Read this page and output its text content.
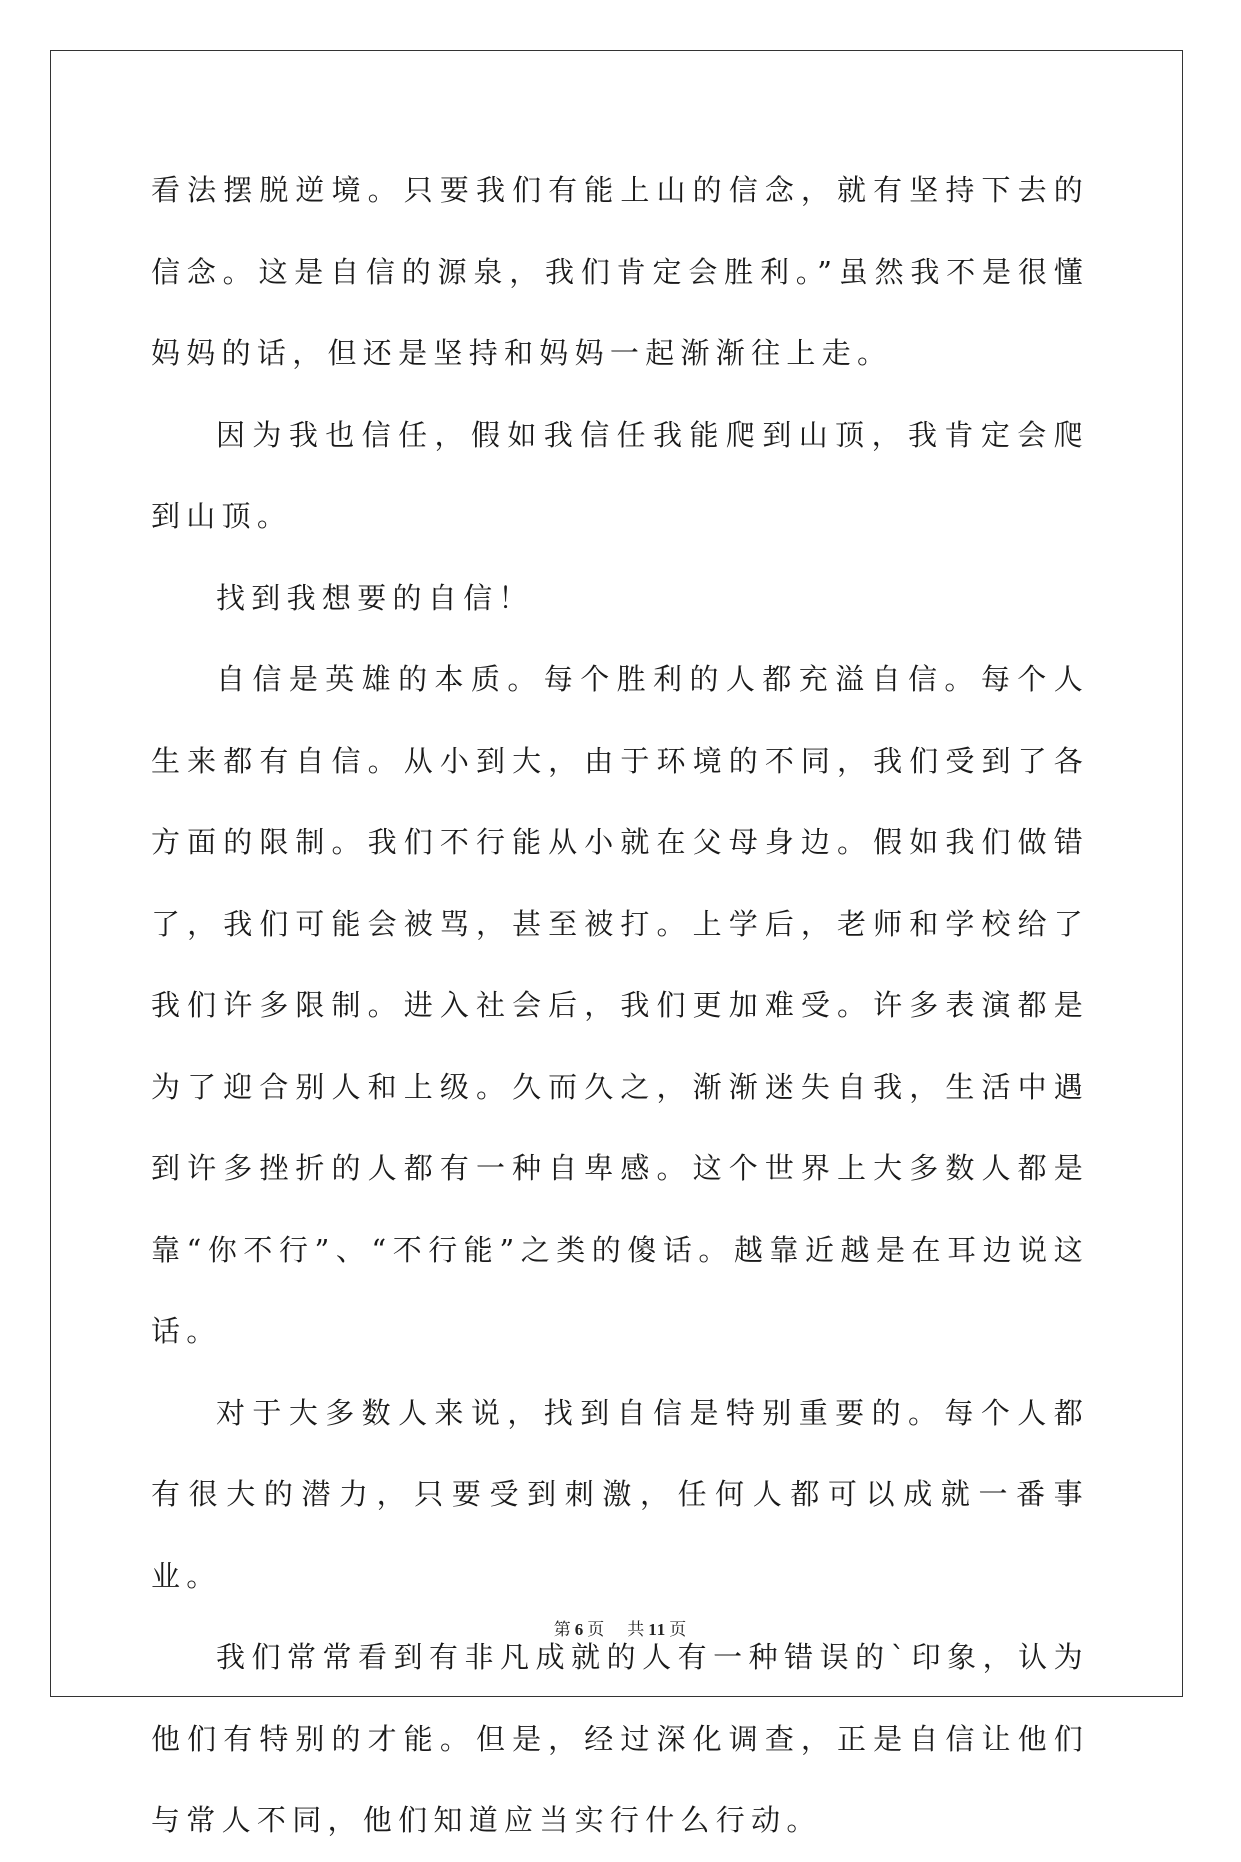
看法摆脱逆境。只要我们有能上山的信念，就有坚持下去的信念。这是自信的源泉，我们肯定会胜利。”虽然我不是很懂妈妈的话，但还是坚持和妈妈一起渐渐往上走。

因为我也信任，假如我信任我能爬到山顶，我肯定会爬到山顶。

找到我想要的自信！

自信是英雄的本质。每个胜利的人都充溢自信。每个人生来都有自信。从小到大，由于环境的不同，我们受到了各方面的限制。我们不行能从小就在父母身边。假如我们做错了，我们可能会被骂，甚至被打。上学后，老师和学校给了我们许多限制。进入社会后，我们更加难受。许多表演都是为了迎合别人和上级。久而久之，渐渐迷失自我，生活中遇到许多挫折的人都有一种自卑感。这个世界上大多数人都是靠“你不行”、“不行能”之类的傻话。越靠近越是在耳边说这话。

对于大多数人来说，找到自信是特别重要的。每个人都有很大的潜力，只要受到刺激，任何人都可以成就一番事业。

我们常常看到有非凡成就的人有一种错误的`印象，认为他们有特别的才能。但是，经过深化调查，正是自信让他们与常人不同，他们知道应当实行什么行动。

第 6 页 共 11 页
